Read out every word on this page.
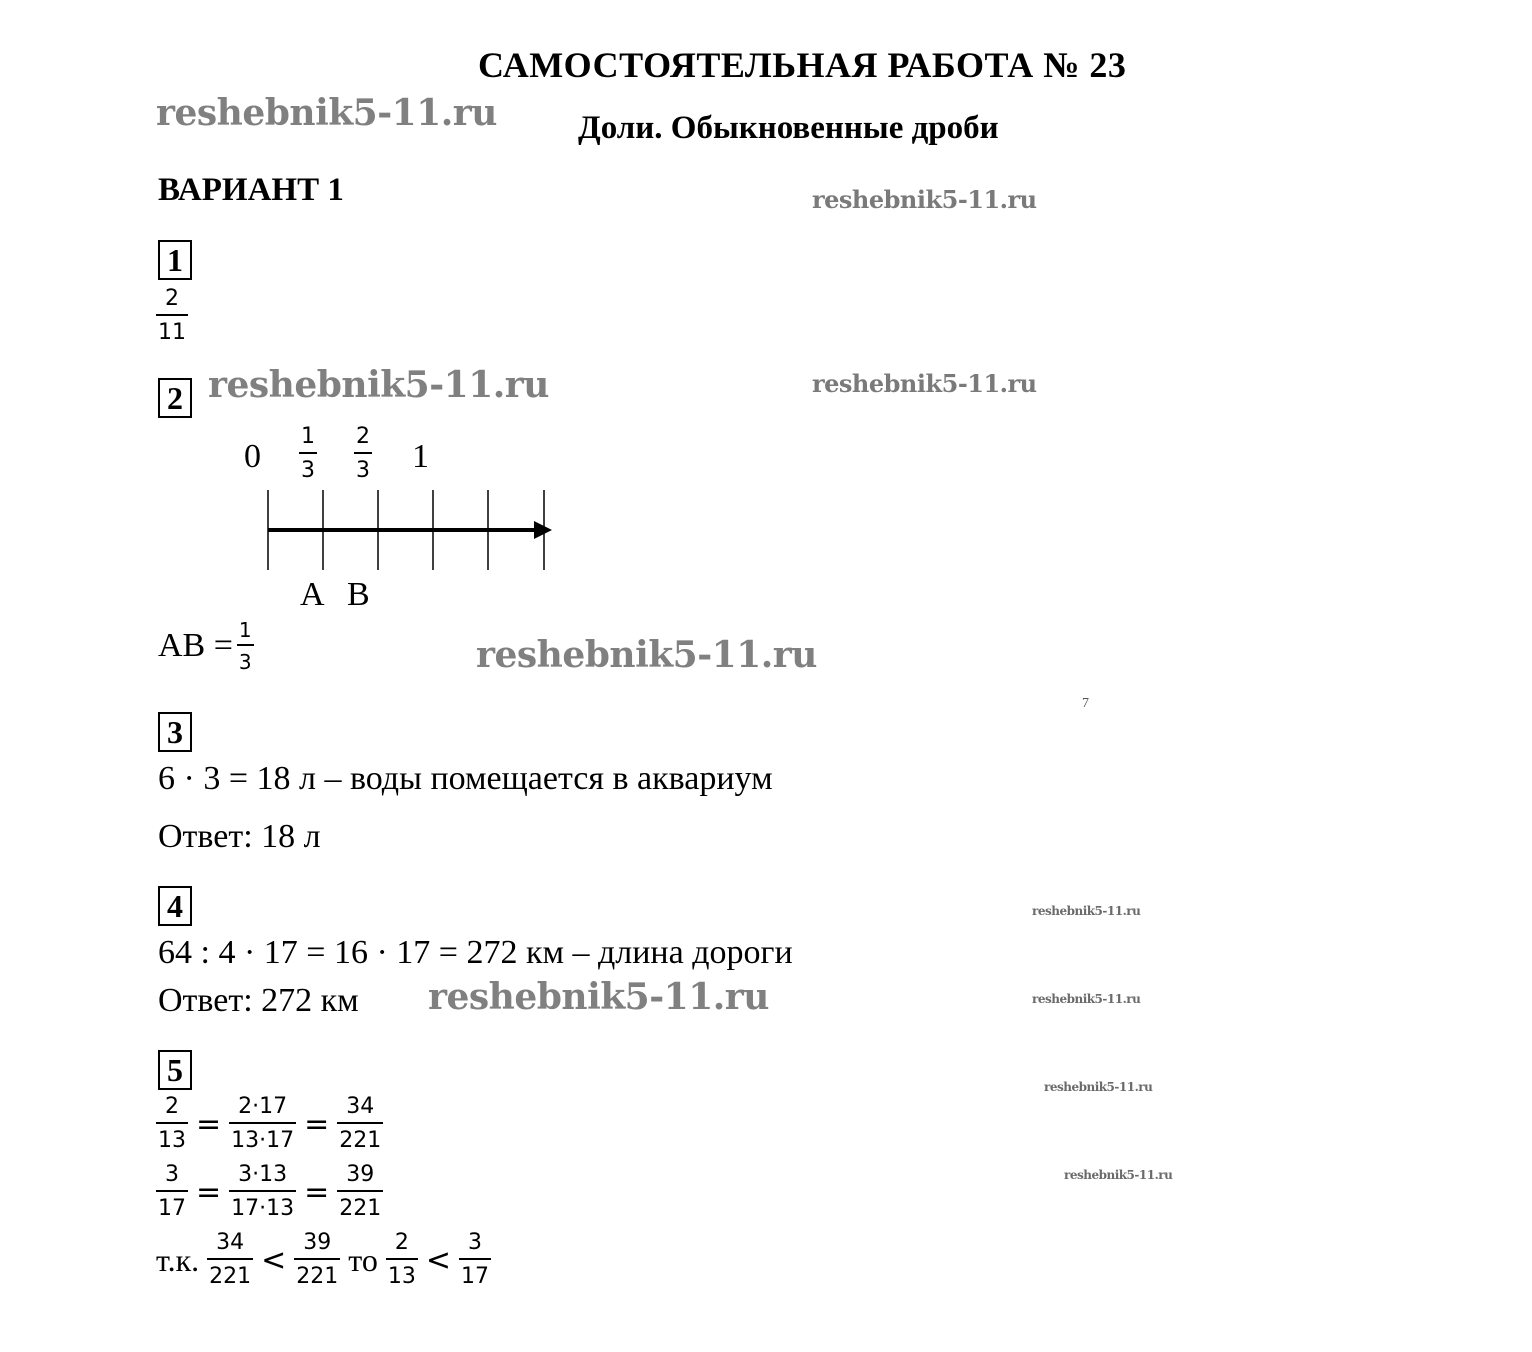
САМОСТОЯТЕЛЬНАЯ РАБОТА № 23
Доли. Обыкновенные дроби
ВАРИАНТ 1
reshebnik5-11.ru
reshebnik5-11.ru
reshebnik5-11.ru	reshebnik5-11.ru
reshebnik5-11.ru
reshebnik5-11.ru
reshebnik5-11.ru	reshebnik5-11.ru
reshebnik5-11.ru
reshebnik5-11.ru
7
1
$\frac{2}{11}$
2
$0 \frac{1}{3} \frac{2}{3} 1$
A B
AB = $\frac{1}{3}$
3
6 · 3 = 18 л – воды помещается в аквариум
Ответ: 18 л
4
64 : 4 · 17 = 16 · 17 = 272 км – длина дороги
Ответ: 272 км
5
$\frac{2}{13} = \frac{2\cdot 17}{13\cdot 17} = \frac{34}{221}$
$\frac{3}{17} = \frac{3\cdot 13}{17\cdot 13} = \frac{39}{221}$
т.к. $\frac{34}{221} < \frac{39}{221}$ то $\frac{2}{13} < \frac{3}{17}$
